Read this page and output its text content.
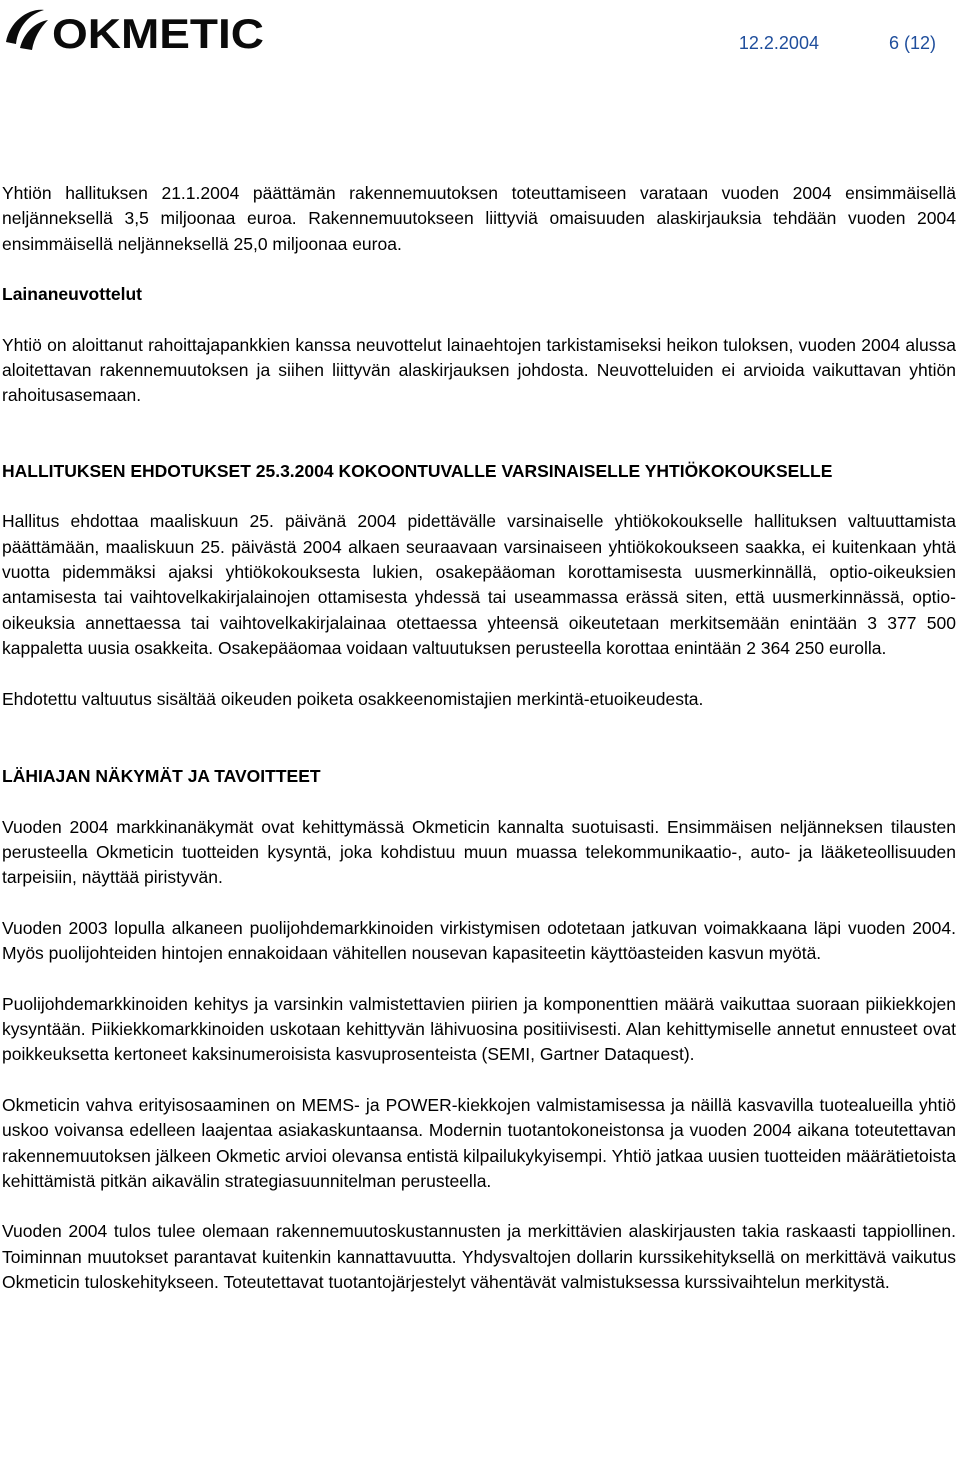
OKMETIC	12.2.2004	6 (12)

Yhtiön hallituksen 21.1.2004 päättämän rakennemuutoksen toteuttamiseen varataan vuoden 2004 ensimmäisellä neljänneksellä 3,5 miljoonaa euroa. Rakennemuutokseen liittyviä omaisuuden alaskirjauksia tehdään vuoden 2004 ensimmäisellä neljänneksellä 25,0 miljoonaa euroa.

Lainaneuvottelut

Yhtiö on aloittanut rahoittajapankkien kanssa neuvottelut lainaehtojen tarkistamiseksi heikon tuloksen, vuoden 2004 alussa aloitettavan rakennemuutoksen ja siihen liittyvän alaskirjauksen johdosta. Neuvotteluiden ei arvioida vaikuttavan yhtiön rahoitusasemaan.

HALLITUKSEN EHDOTUKSET 25.3.2004 KOKOONTUVALLE VARSINAISELLE YHTIÖKOKOUKSELLE

Hallitus ehdottaa maaliskuun 25. päivänä 2004 pidettävälle varsinaiselle yhtiökokoukselle hallituksen valtuuttamista päättämään, maaliskuun 25. päivästä 2004 alkaen seuraavaan varsinaiseen yhtiökokoukseen saakka, ei kuitenkaan yhtä vuotta pidemmäksi ajaksi yhtiökokouksesta lukien, osakepääoman korottamisesta uusmerkinnällä, optio-oikeuksien antamisesta tai vaihtovelkakirjalainojen ottamisesta yhdessä tai useammassa erässä siten, että uusmerkinnässä, optio-oikeuksia annettaessa tai vaihtovelkakirjalainaa otettaessa yhteensä oikeutetaan merkitsemään enintään 3 377 500 kappaletta uusia osakkeita. Osakepääomaa voidaan valtuutuksen perusteella korottaa enintään 2 364 250 eurolla.

Ehdotettu valtuutus sisältää oikeuden poiketa osakkeenomistajien merkintä-etuoikeudesta.

LÄHIAJAN NÄKYMÄT JA TAVOITTEET

Vuoden 2004 markkinanäkymät ovat kehittymässä Okmeticin kannalta suotuisasti. Ensimmäisen neljänneksen tilausten perusteella Okmeticin tuotteiden kysyntä, joka kohdistuu muun muassa telekommunikaatio-, auto- ja lääketeollisuuden tarpeisiin, näyttää piristyvän.

Vuoden 2003 lopulla alkaneen puolijohdemarkkinoiden virkistymisen odotetaan jatkuvan voimakkaana läpi vuoden 2004. Myös puolijohteiden hintojen ennakoidaan vähitellen nousevan kapasiteetin käyttöasteiden kasvun myötä.

Puolijohdemarkkinoiden kehitys ja varsinkin valmistettavien piirien ja komponenttien määrä vaikuttaa suoraan piikiekkojen kysyntään. Piikiekkomarkkinoiden uskotaan kehittyvän lähivuosina positiivisesti. Alan kehittymiselle annetut ennusteet ovat poikkeuksetta kertoneet kaksinumeroisista kasvuprosenteista (SEMI, Gartner Dataquest).

Okmeticin vahva erityisosaaminen on MEMS- ja POWER-kiekkojen valmistamisessa ja näillä kasvavilla tuotealueilla yhtiö uskoo voivansa edelleen laajentaa asiakaskuntaansa. Modernin tuotantokoneistonsa ja vuoden 2004 aikana toteutettavan rakennemuutoksen jälkeen Okmetic arvioi olevansa entistä kilpailukykyisempi. Yhtiö jatkaa uusien tuotteiden määrätietoista kehittämistä pitkän aikavälin strategiasuunnitelman perusteella.

Vuoden 2004 tulos tulee olemaan rakennemuutoskustannusten ja merkittävien alaskirjausten takia raskaasti tappiollinen. Toiminnan muutokset parantavat kuitenkin kannattavuutta. Yhdysvaltojen dollarin kurssikehityksellä on merkittävä vaikutus Okmeticin tuloskehitykseen. Toteutettavat tuotantojärjestelyt vähentävät valmistuksessa kurssivaihtelun merkitystä.
